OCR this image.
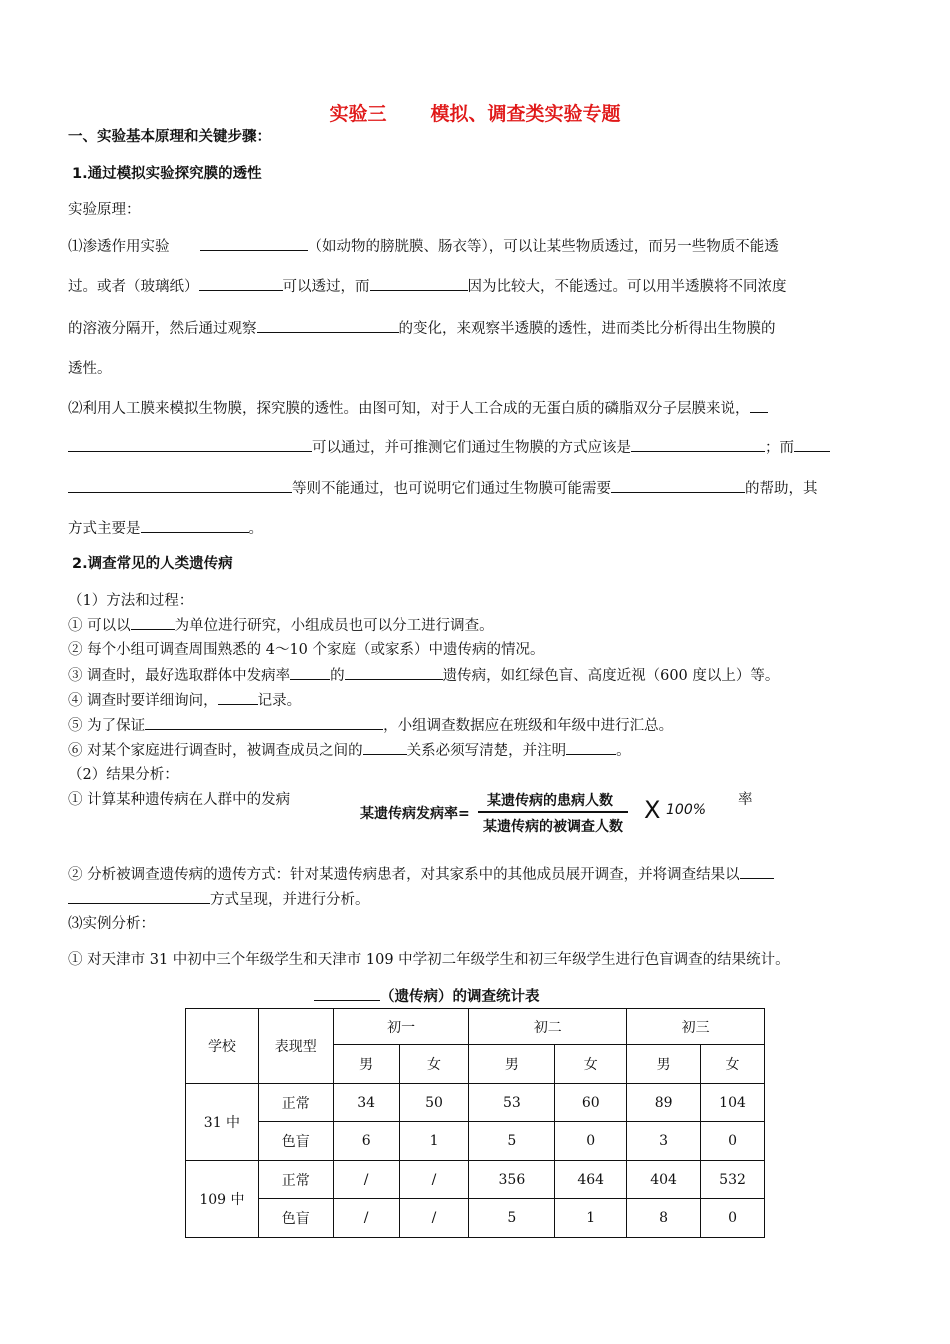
实验三 模拟、调查类实验专题
一、实验基本原理和关键步骤：
1.通过模拟实验探究膜的透性
实验原理：
⑴渗透作用实验	（如动物的膀胱膜、肠衣等），可以让某些物质透过，而另一些物质不能透
过。或者（玻璃纸）	可以透过，而	因为比较大，不能透过。可以用半透膜将不同浓度
的溶液分隔开，然后通过观察	的变化，来观察半透膜的透性，进而类比分析得出生物膜的
透性。
⑵利用人工膜来模拟生物膜，探究膜的透性。由图可知，对于人工合成的无蛋白质的磷脂双分子层膜来说，
可以通过，并可推测它们通过生物膜的方式应该是	；而
等则不能通过，也可说明它们通过生物膜可能需要	的帮助，其
方式主要是	。
2.调查常见的人类遗传病
（1）方法和过程：
① 可以以	为单位进行研究，小组成员也可以分工进行调查。
② 每个小组可调查周围熟悉的 4～10 个家庭（或家系）中遗传病的情况。
③ 调查时，最好选取群体中发病率	的	遗传病，如红绿色盲、高度近视（600 度以上）等。
④ 调查时要详细询问，	记录。
⑤ 为了保证	，小组调查数据应在班级和年级中进行汇总。
⑥ 对某个家庭进行调查时，被调查成员之间的	关系必须写清楚，并注明	。
（2）结果分析：
① 计算某种遗传病在人群中的发病	率
某遗传病发病率=
某遗传病的患病人数
某遗传病的被调查人数
X 100%
② 分析被调查遗传病的遗传方式：针对某遗传病患者，对其家系中的其他成员展开调查，并将调查结果以
方式呈现，并进行分析。
⑶实例分析：
① 对天津市 31 中初中三个年级学生和天津市 109 中学初二年级学生和初三年级学生进行色盲调查的结果统计。
（遗传病）的调查统计表
学校	表现型	初一		初二		初三	
		男	女	男	女	男	女
31 中	正常	34	50	53	60	89	104
	色盲	6	1	5	0	3	0
109 中	正常	/	/	356	464	404	532
	色盲	/	/	5	1	8	0
